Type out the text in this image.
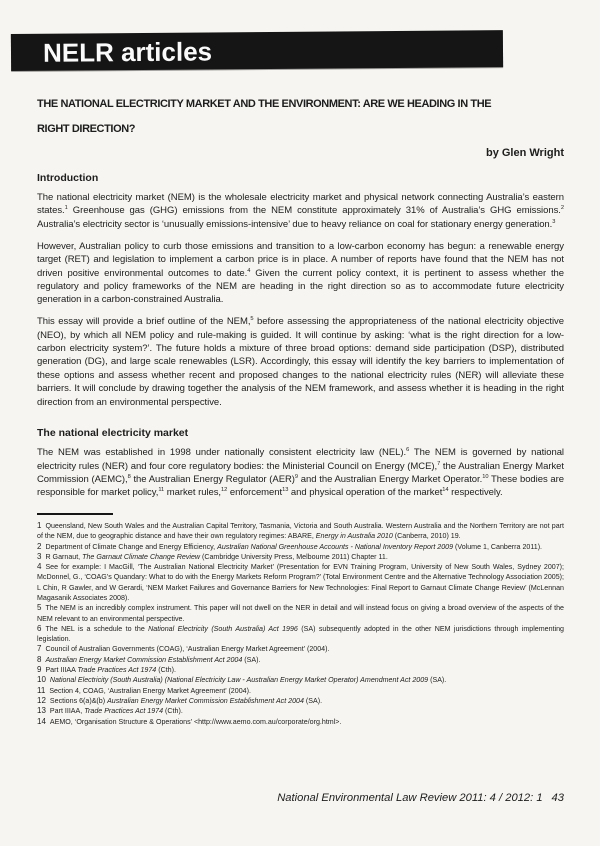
NELR articles
THE NATIONAL ELECTRICITY MARKET AND THE ENVIRONMENT: ARE WE HEADING IN THE
RIGHT DIRECTION?
by Glen Wright
Introduction

The national electricity market (NEM) is the wholesale electricity market and physical network connecting Australia’s eastern states.$^1$ Greenhouse gas (GHG) emissions from the NEM constitute approximately 31% of Australia’s GHG emissions.$^2$ Australia’s electricity sector is ‘unusually emissions-intensive’ due to heavy reliance on coal for stationary energy generation.$^3$

However, Australian policy to curb those emissions and transition to a low-carbon economy has begun: a renewable energy target (RET) and legislation to implement a carbon price is in place. A number of reports have found that the NEM has not driven positive environmental outcomes to date.$^4$ Given the current policy context, it is pertinent to assess whether the regulatory and policy frameworks of the NEM are heading in the right direction so as to accommodate future electricity generation in a carbon-constrained Australia.

This essay will provide a brief outline of the NEM,$^5$ before assessing the appropriateness of the national electricity objective (NEO), by which all NEM policy and rule-making is guided. It will continue by asking: ‘what is the right direction for a low-carbon electricity system?’. The future holds a mixture of three broad options: demand side participation (DSP), distributed generation (DG), and large scale renewables (LSR). Accordingly, this essay will identify the key barriers to implementation of these options and assess whether recent and proposed changes to the national electricity rules (NER) will alleviate these barriers. It will conclude by drawing together the analysis of the NEM framework, and assess whether it is heading in the right direction from an environmental perspective.

The national electricity market

The NEM was established in 1998 under nationally consistent electricity law (NEL).$^6$ The NEM is governed by national electricity rules (NER) and four core regulatory bodies: the Ministerial Council on Energy (MCE),$^7$ the Australian Energy Market Commission (AEMC),$^8$ the Australian Energy Regulator (AER)$^9$ and the Australian Energy Market Operator.$^{10}$ These bodies are responsible for market policy,$^{11}$ market rules,$^{12}$ enforcement$^{13}$ and physical operation of the market$^{14}$ respectively.

1 Queensland, New South Wales and the Australian Capital Territory, Tasmania, Victoria and South Australia. Western Australia and the Northern Territory are not part of the NEM, due to geographic distance and have their own regulatory regimes: ABARE, Energy in Australia 2010 (Canberra, 2010) 19.
2 Department of Climate Change and Energy Efficiency, Australian National Greenhouse Accounts - National Inventory Report 2009 (Volume 1, Canberra 2011).
3 R Garnaut, The Garnaut Climate Change Review (Cambridge University Press, Melbourne 2011) Chapter 11.
4 See for example: I MacGill, ‘The Australian National Electricity Market’ (Presentation for EVN Training Program, University of New South Wales, Sydney 2007); McDonnel, G., ‘COAG’s Quandary: What to do with the Energy Markets Reform Program?’ (Total Environment Centre and the Alternative Technology Association 2005); L Chin, R Gawler, and W Gerardi, ‘NEM Market Failures and Governance Barriers for New Technologies: Final Report to Garnaut Climate Change Review’ (McLennan Magasanik Associates 2008).
5 The NEM is an incredibly complex instrument. This paper will not dwell on the NER in detail and will instead focus on giving a broad overview of the aspects of the NEM relevant to an environmental perspective.
6 The NEL is a schedule to the National Electricity (South Australia) Act 1996 (SA) subsequently adopted in the other NEM jurisdictions through implementing legislation.
7 Council of Australian Governments (COAG), ‘Australian Energy Market Agreement’ (2004).
8 Australian Energy Market Commission Establishment Act 2004 (SA).
9 Part IIIAA Trade Practices Act 1974 (Cth).
10 National Electricity (South Australia) (National Electricity Law - Australian Energy Market Operator) Amendment Act 2009 (SA).
11 Section 4, COAG, ‘Australian Energy Market Agreement’ (2004).
12 Sections 6(a)&(b) Australian Energy Market Commission Establishment Act 2004 (SA).
13 Part IIIAA, Trade Practices Act 1974 (Cth).
14 AEMO, ‘Organisation Structure & Operations’ <http://www.aemo.com.au/corporate/org.html>.
National Environmental Law Review 2011: 4 / 2012: 1 43
